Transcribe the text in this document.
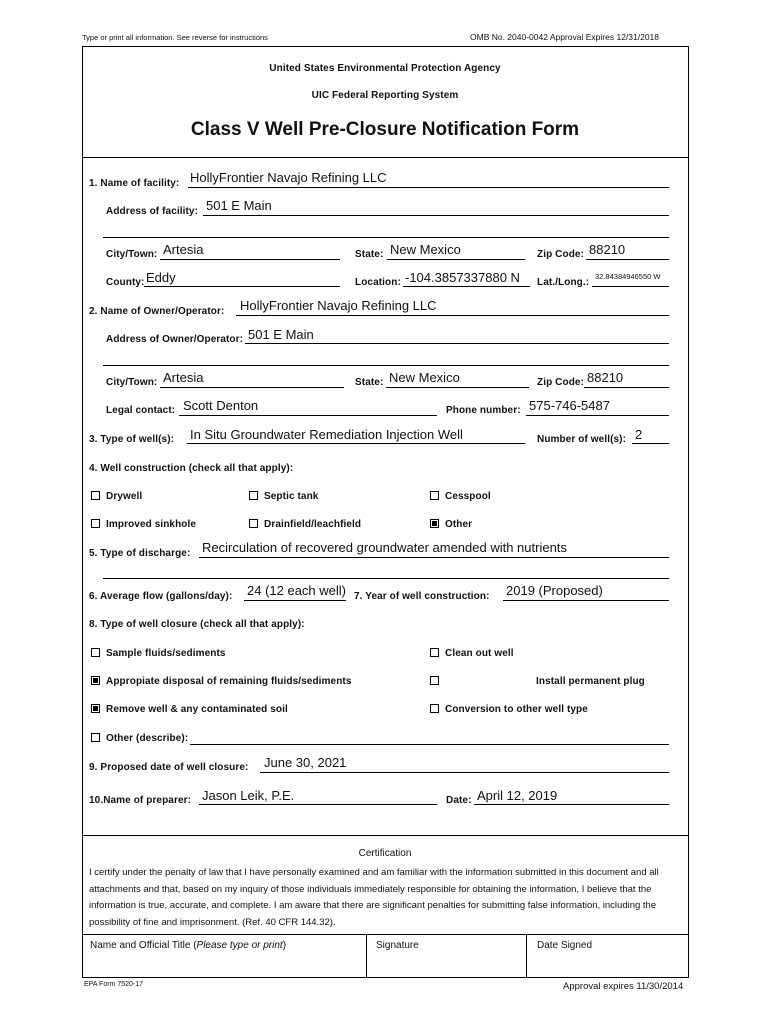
Type or print all information. See reverse for instructions	OMB No. 2040-0042 Approval Expires 12/31/2018
United States Environmental Protection Agency
UIC Federal Reporting System
Class V Well Pre-Closure Notification Form
1. Name of facility: HollyFrontier Navajo Refining LLC
Address of facility: 501 E Main
City/Town: Artesia	State: New Mexico	Zip Code: 88210
County: Eddy	Location: -104.3857337880 N Lat./Long.:
32.84384946550 W
2. Name of Owner/Operator: HollyFrontier Navajo Refining LLC
Address of Owner/Operator: 501 E Main
City/Town: Artesia	State: New Mexico	Zip Code: 88210
Legal contact: Scott Denton	Phone number: 575-746-5487
3. Type of well(s): In Situ Groundwater Remediation Injection Well	Number of well(s): 2
4. Well construction (check all that apply):
Drywell	Septic tank	Cesspool
Improved sinkhole	Drainfield/leachfield	Other
5. Type of discharge: Recirculation of recovered groundwater amended with nutrients
6. Average flow (gallons/day): 24 (12 each well) 7. Year of well construction: 2019 (Proposed)
8. Type of well closure (check all that apply):
Sample fluids/sediments	Clean out well
Appropiate disposal of remaining fluids/sediments	Install permanent plug
Remove well & any contaminated soil	Conversion to other well type
Other (describe):
9. Proposed date of well closure: June 30, 2021
10.Name of preparer: Jason Leik, P.E.	Date: April 12, 2019
Certification
I certify under the penalty of law that I have personally examined and am familiar with the information submitted in this document and all attachments and that, based on my inquiry of those individuals immediately responsible for obtaining the information, I believe that the information is true, accurate, and complete. I am aware that there are significant penalties for submitting false information, including the possibility of fine and imprisonment. (Ref. 40 CFR 144.32).
Name and Official Title (Please type or print)	Signature	Date Signed
EPA Form 7520-17	Approval expires 11/30/2014
